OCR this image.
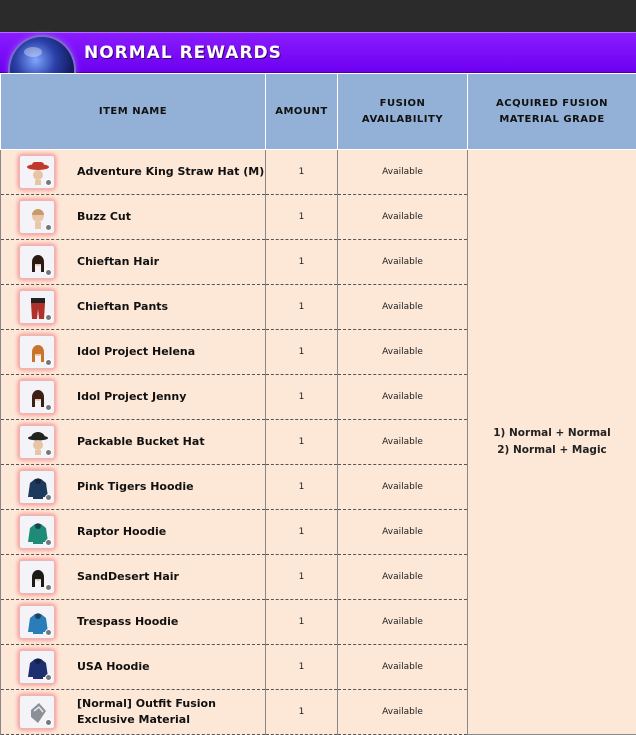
NORMAL REWARDS
ITEM NAME	AMOUNT	FUSION AVAILABILITY	ACQUIRED FUSION
MATERIAL GRADE

Adventure King Straw Hat (M)	1	Available	1) Normal + Normal
2) Normal + Magic

Buzz Cut	1	Available	

Chieftan Hair	1	Available	

Chieftan Pants	1	Available	

Idol Project Helena	1	Available	

Idol Project Jenny	1	Available	

Packable Bucket Hat	1	Available	

Pink Tigers Hoodie	1	Available	

Raptor Hoodie	1	Available	

SandDesert Hair	1	Available	

Trespass Hoodie	1	Available	

USA Hoodie	1	Available	

[Normal] Outfit Fusion Exclusive Material	1	Available	
